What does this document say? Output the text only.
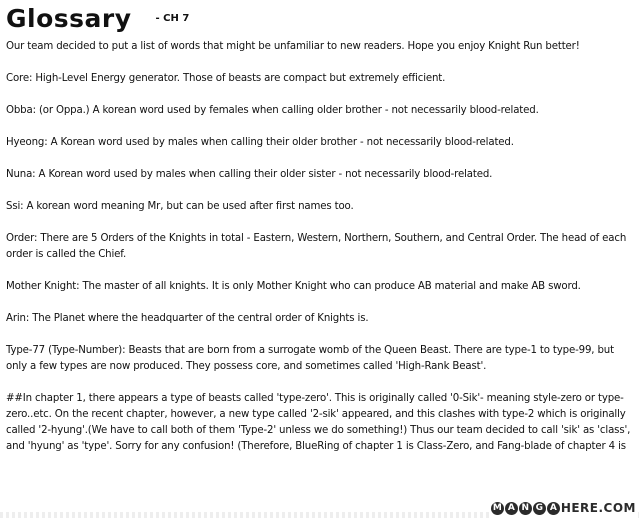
Glossary - CH 7

Our team decided to put a list of words that might be unfamiliar to new readers. Hope you enjoy Knight Run better!

Core: High-Level Energy generator. Those of beasts are compact but extremely efficient.

Obba: (or Oppa.) A korean word used by females when calling older brother - not necessarily blood-related.

Hyeong: A Korean word used by males when calling their older brother - not necessarily blood-related.

Nuna: A Korean word used by males when calling their older sister - not necessarily blood-related.

Ssi: A korean word meaning Mr, but can be used after first names too.

Order: There are 5 Orders of the Knights in total - Eastern, Western, Northern, Southern, and Central Order. The head of each order is called the Chief.

Mother Knight: The master of all knights. It is only Mother Knight who can produce AB material and make AB sword.

Arin: The Planet where the headquarter of the central order of Knights is.

Type-77 (Type-Number): Beasts that are born from a surrogate womb of the Queen Beast. There are type-1 to type-99, but only a few types are now produced. They possess core, and sometimes called 'High-Rank Beast'.

##In chapter 1, there appears a type of beasts called 'type-zero'. This is originally called '0-Sik'- meaning style-zero or type-zero..etc. On the recent chapter, however, a new type called '2-sik' appeared, and this clashes with type-2 which is originally called '2-hyung'.(We have to call both of them 'Type-2' unless we do something!) Thus our team decided to call 'sik' as 'class', and 'hyung' as 'type'. Sorry for any confusion! (Therefore, BlueRing of chapter 1 is Class-Zero, and Fang-blade of chapter 4 is

M A N G A HERE.COM
